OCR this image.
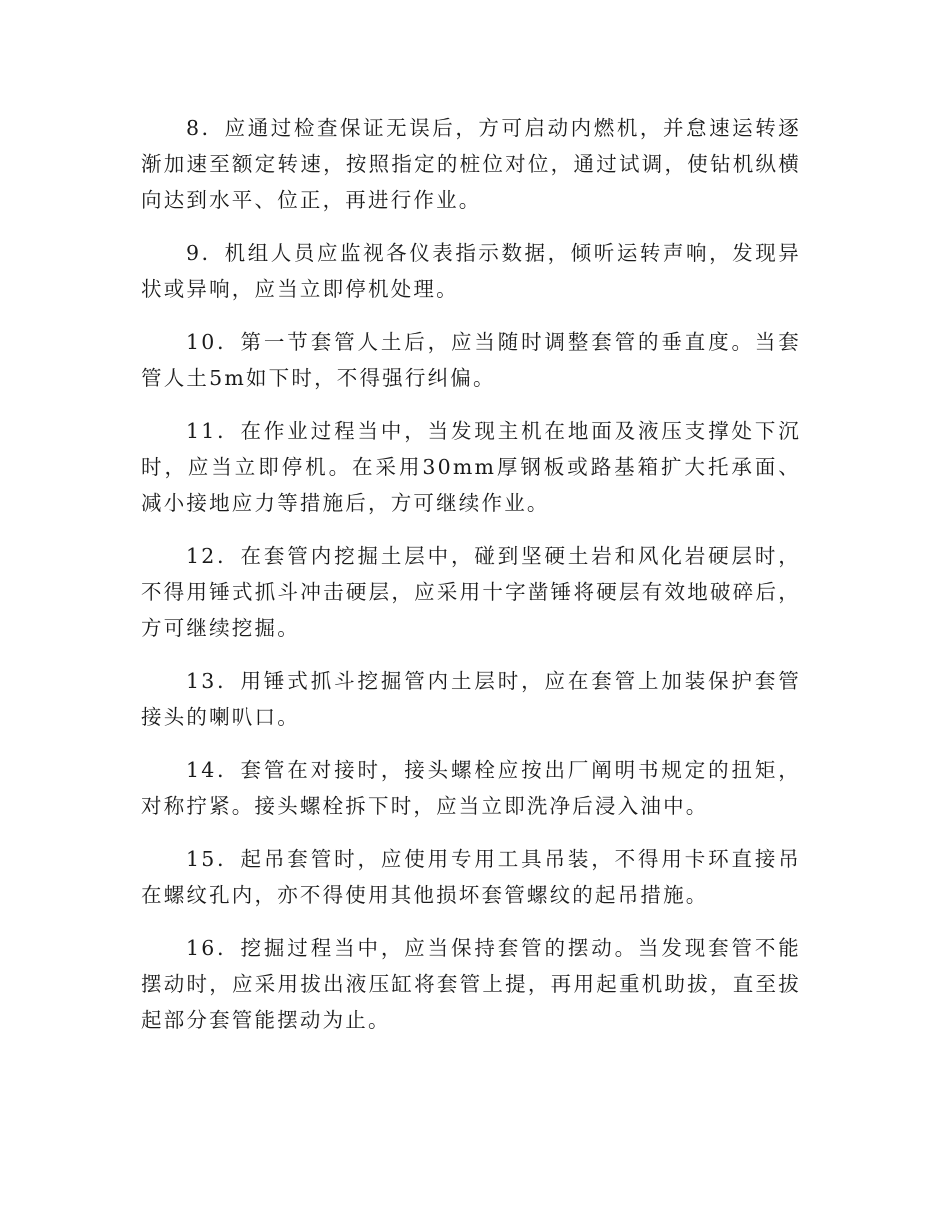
8．应通过检查保证无误后，方可启动内燃机，并怠速运转逐渐加速至额定转速，按照指定的桩位对位，通过试调，使钻机纵横向达到水平、位正，再进行作业。

9．机组人员应监视各仪表指示数据，倾听运转声响，发现异状或异响，应当立即停机处理。

10．第一节套管人土后，应当随时调整套管的垂直度。当套管人土5m如下时，不得强行纠偏。

11．在作业过程当中，当发现主机在地面及液压支撑处下沉时，应当立即停机。在采用30mm厚钢板或路基箱扩大托承面、减小接地应力等措施后，方可继续作业。

12．在套管内挖掘土层中，碰到坚硬土岩和风化岩硬层时，不得用锤式抓斗冲击硬层，应采用十字凿锤将硬层有效地破碎后，方可继续挖掘。

13．用锤式抓斗挖掘管内土层时，应在套管上加装保护套管接头的喇叭口。

14．套管在对接时，接头螺栓应按出厂阐明书规定的扭矩，对称拧紧。接头螺栓拆下时，应当立即洗净后浸入油中。

15．起吊套管时，应使用专用工具吊装，不得用卡环直接吊在螺纹孔内，亦不得使用其他损坏套管螺纹的起吊措施。

16．挖掘过程当中，应当保持套管的摆动。当发现套管不能摆动时，应采用拔出液压缸将套管上提，再用起重机助拔，直至拔起部分套管能摆动为止。
